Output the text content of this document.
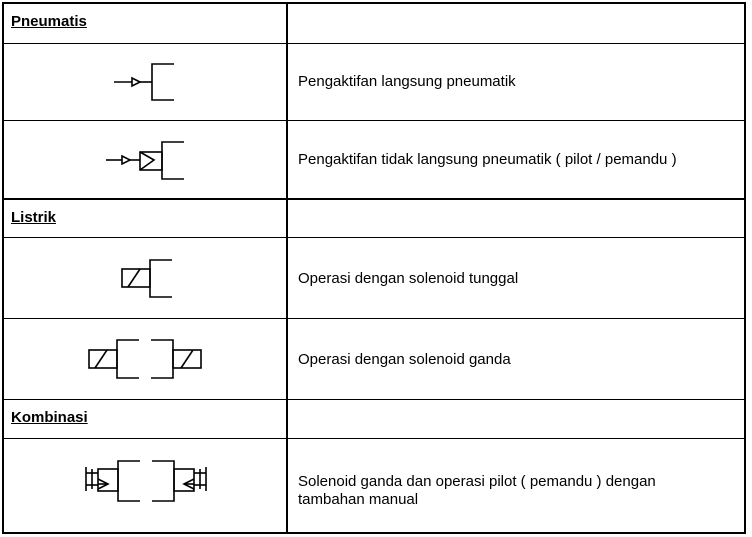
Pneumatis
Pengaktifan langsung pneumatik
Pengaktifan tidak langsung pneumatik ( pilot / pemandu )
Listrik
Operasi dengan solenoid tunggal
Operasi dengan solenoid ganda
Kombinasi
Solenoid ganda dan operasi pilot ( pemandu ) dengan
tambahan manual
